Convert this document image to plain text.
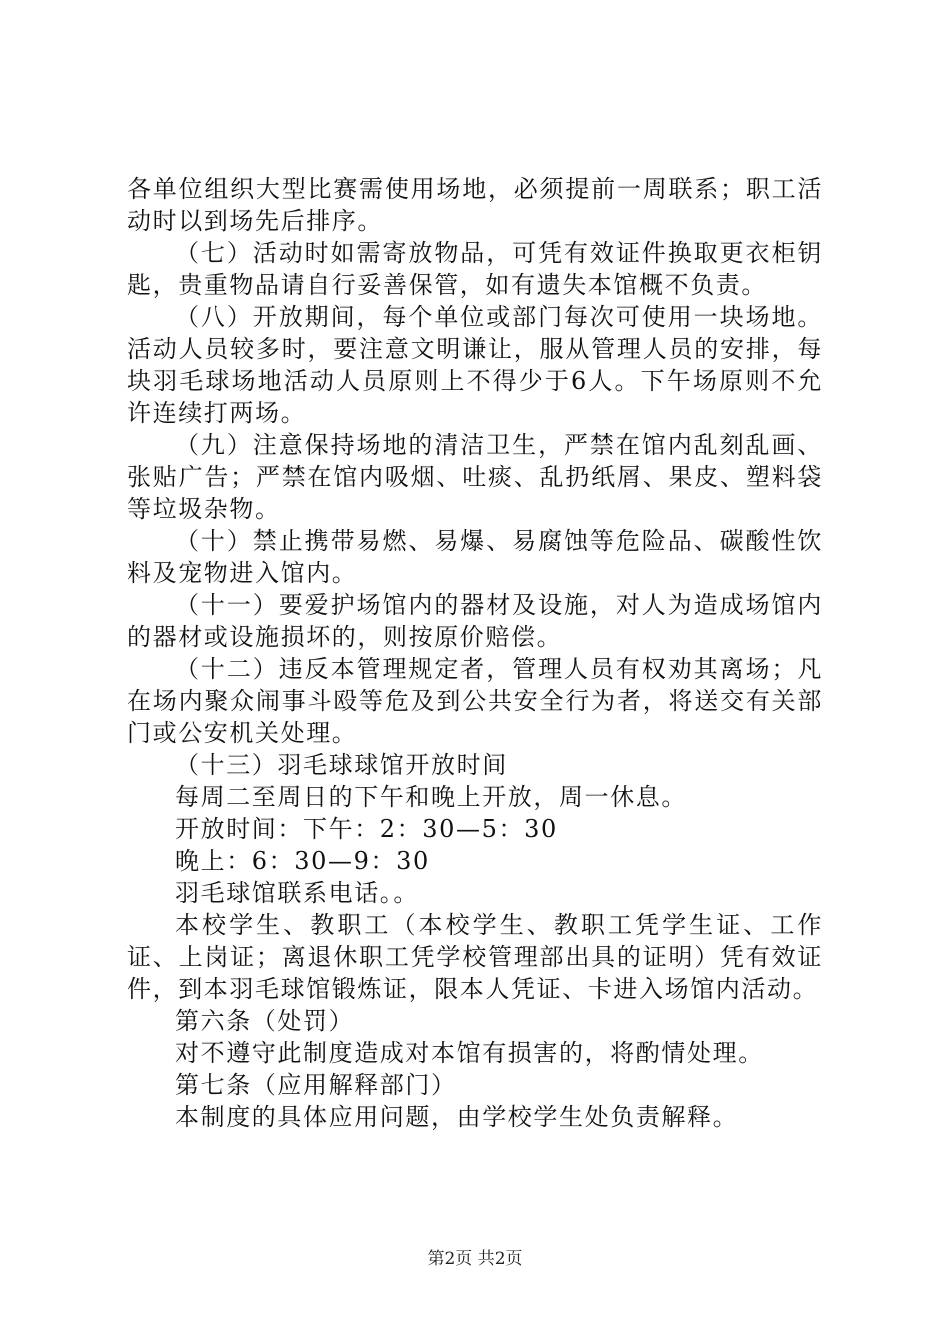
各单位组织大型比赛需使用场地，必须提前一周联系；职工活动时以到场先后排序。

（七）活动时如需寄放物品，可凭有效证件换取更衣柜钥匙，贵重物品请自行妥善保管，如有遗失本馆概不负责。

（八）开放期间，每个单位或部门每次可使用一块场地。活动人员较多时，要注意文明谦让，服从管理人员的安排，每块羽毛球场地活动人员原则上不得少于6人。下午场原则不允许连续打两场。

（九）注意保持场地的清洁卫生，严禁在馆内乱刻乱画、张贴广告；严禁在馆内吸烟、吐痰、乱扔纸屑、果皮、塑料袋等垃圾杂物。

（十）禁止携带易燃、易爆、易腐蚀等危险品、碳酸性饮料及宠物进入馆内。

（十一）要爱护场馆内的器材及设施，对人为造成场馆内的器材或设施损坏的，则按原价赔偿。

（十二）违反本管理规定者，管理人员有权劝其离场；凡在场内聚众闹事斗殴等危及到公共安全行为者，将送交有关部门或公安机关处理。

（十三）羽毛球球馆开放时间

每周二至周日的下午和晚上开放，周一休息。

开放时间：下午：2：30—5：30

晚上：6：30—9：30

羽毛球馆联系电话。。

本校学生、教职工（本校学生、教职工凭学生证、工作证、上岗证；离退休职工凭学校管理部出具的证明）凭有效证件，到本羽毛球馆锻炼证，限本人凭证、卡进入场馆内活动。

第六条（处罚）

对不遵守此制度造成对本馆有损害的，将酌情处理。

第七条（应用解释部门）

本制度的具体应用问题，由学校学生处负责解释。

第2页 共2页
